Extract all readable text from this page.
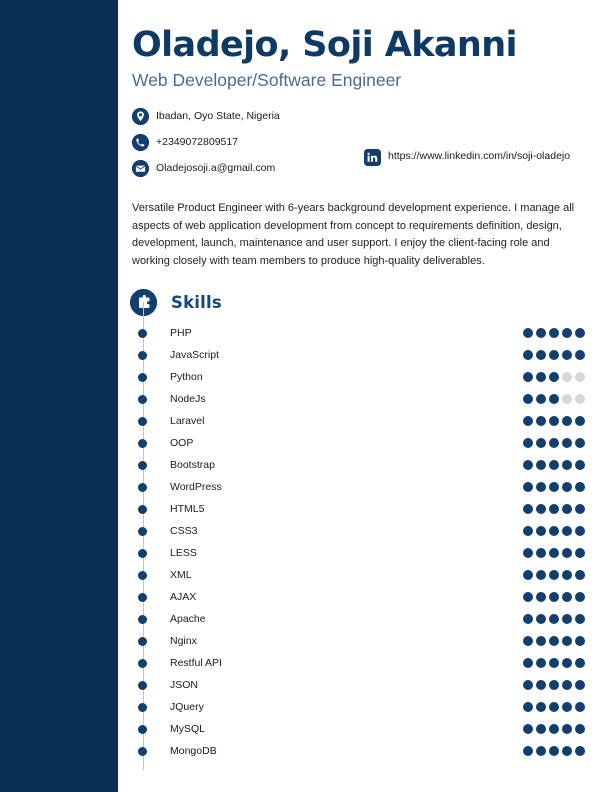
Oladejo, Soji Akanni
Web Developer/Software Engineer
Ibadan, Oyo State, Nigeria
+2349072809517
Oladejosoji.a@gmail.com
https://www.linkedin.com/in/soji-oladejo
Versatile Product Engineer with 6-years background development experience. I manage all aspects of web application development from concept to requirements definition, design, development, launch, maintenance and user support. I enjoy the client-facing role and working closely with team members to produce high-quality deliverables.
Skills
PHP
JavaScript
Python
NodeJs
Laravel
OOP
Bootstrap
WordPress
HTML5
CSS3
LESS
XML
AJAX
Apache
Nginx
Restful API
JSON
JQuery
MySQL
MongoDB
